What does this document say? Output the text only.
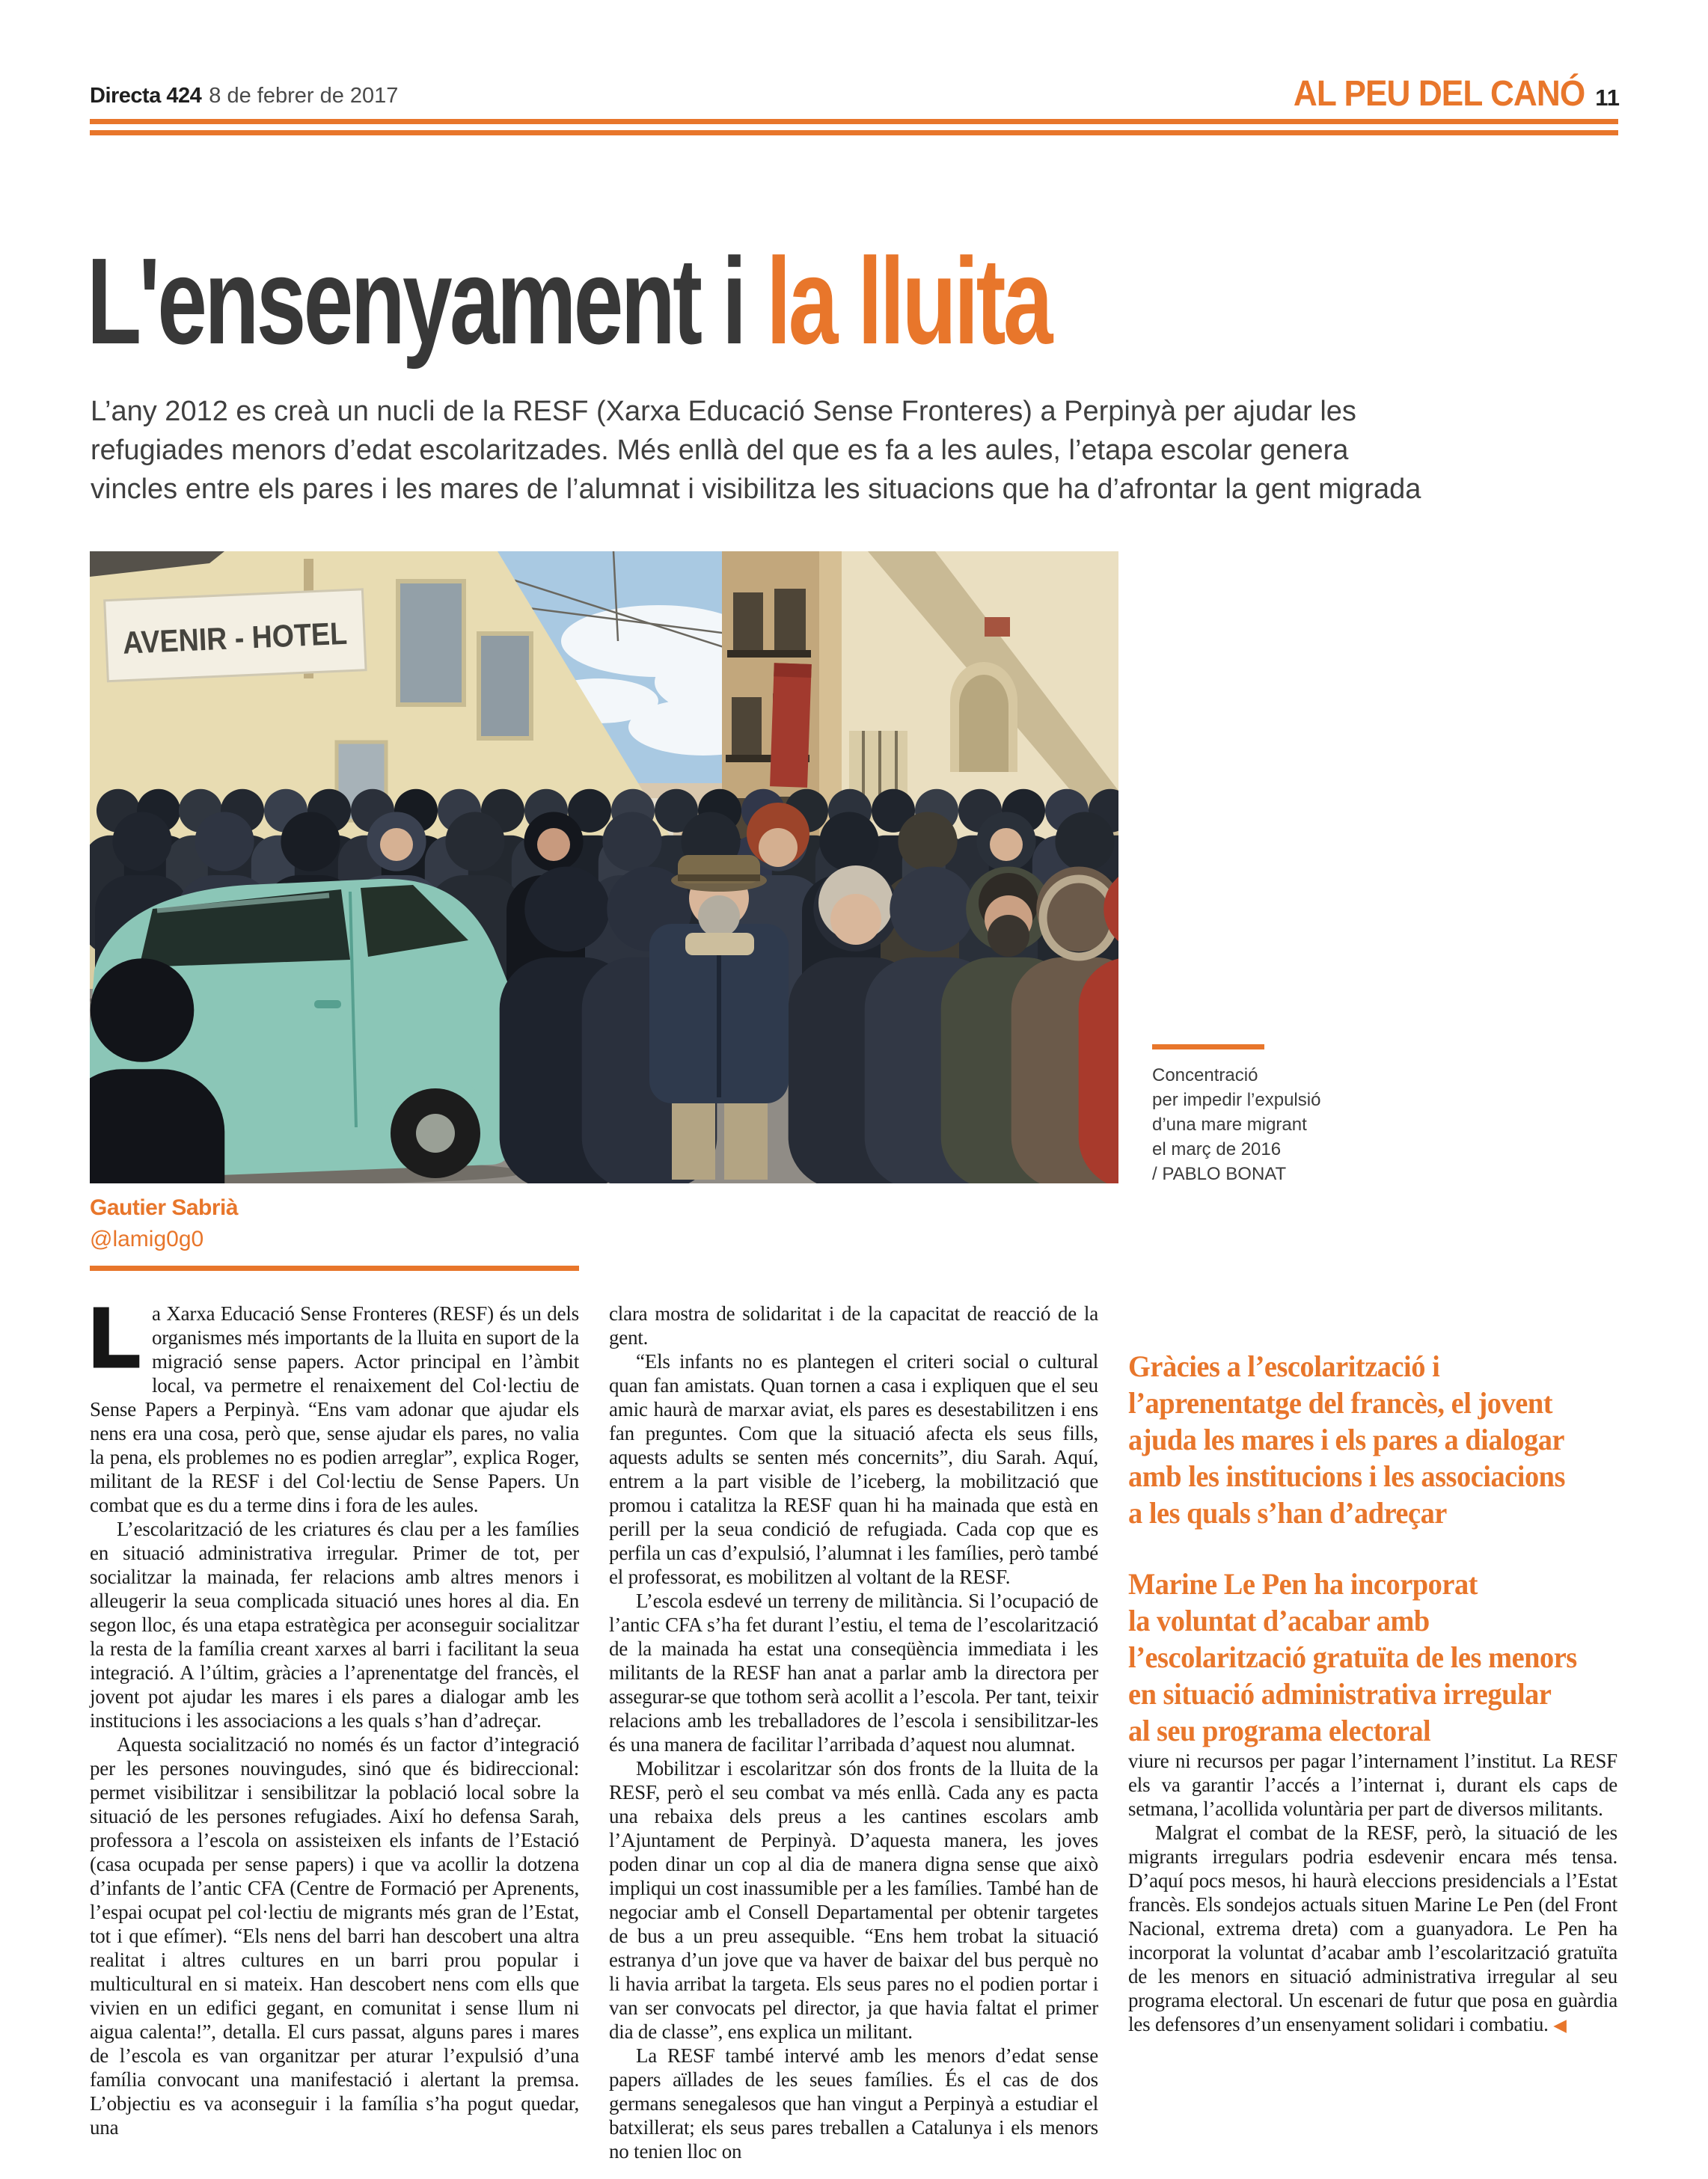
Directa 424 8 de febrer de 2017	AL PEU DEL CANÓ 11
L'ensenyament i la lluita
L’any 2012 es creà un nucli de la RESF (Xarxa Educació Sense Fronteres) a Perpinyà per ajudar les
refugiades menors d’edat escolaritzades. Més enllà del que es fa a les aules, l’etapa escolar genera
vincles entre els pares i les mares de l’alumnat i visibilitza les situacions que ha d’afrontar la gent migrada
AVENIR - HOTEL
Concentració
per impedir l’expulsió
d’una mare migrant
el març de 2016
/ PABLO BONAT
Gautier Sabrià
@lamig0g0

La Xarxa Educació Sense Fronteres (RESF) és un dels organismes més importants de la lluita en suport de la migració sense papers. Actor principal en l’àmbit local, va permetre el renaixement del Col·lectiu de Sense Papers a Perpinyà. “Ens vam adonar que ajudar els nens era una cosa, però que, sense ajudar els pares, no valia la pena, els problemes no es podien arreglar”, explica Roger, militant de la RESF i del Col·lectiu de Sense Papers. Un combat que es du a terme dins i fora de les aules.

L’escolarització de les criatures és clau per a les famílies en situació administrativa irregular. Primer de tot, per socialitzar la mainada, fer relacions amb altres menors i alleugerir la seua complicada situació unes hores al dia. En segon lloc, és una etapa estratègica per aconseguir socialitzar la resta de la família creant xarxes al barri i facilitant la seua integració. A l’últim, gràcies a l’aprenentatge del francès, el jovent pot ajudar les mares i els pares a dialogar amb les institucions i les associacions a les quals s’han d’adreçar.

Aquesta socialització no només és un factor d’integració per les persones nouvingudes, sinó que és bidireccional: permet visibilitzar i sensibilitzar la població local sobre la situació de les persones refugiades. Així ho defensa Sarah, professora a l’escola on assisteixen els infants de l’Estació (casa ocupada per sense papers) i que va acollir la dotzena d’infants de l’antic CFA (Centre de Formació per Aprenents, l’espai ocupat pel col·lectiu de migrants més gran de l’Estat, tot i que efímer). “Els nens del barri han descobert una altra realitat i altres cultures en un barri prou popular i multicultural en si mateix. Han descobert nens com ells que vivien en un edifici gegant, en comunitat i sense llum ni aigua calenta!”, detalla. El curs passat, alguns pares i mares de l’escola es van organitzar per aturar l’expulsió d’una família convocant una manifestació i alertant la premsa. L’objectiu es va aconseguir i la família s’ha pogut quedar, una

clara mostra de solidaritat i de la capacitat de reacció de la gent.

“Els infants no es plantegen el criteri social o cultural quan fan amistats. Quan tornen a casa i expliquen que el seu amic haurà de marxar aviat, els pares es desestabilitzen i ens fan preguntes. Com que la situació afecta els seus fills, aquests adults se senten més concernits”, diu Sarah. Aquí, entrem a la part visible de l’iceberg, la mobilització que promou i catalitza la RESF quan hi ha mainada que està en perill per la seua condició de refugiada. Cada cop que es perfila un cas d’expulsió, l’alumnat i les famílies, però també el professorat, es mobilitzen al voltant de la RESF.

L’escola esdevé un terreny de militància. Si l’ocupació de l’antic CFA s’ha fet durant l’estiu, el tema de l’escolarització de la mainada ha estat una conseqüència immediata i les militants de la RESF han anat a parlar amb la directora per assegurar-se que tothom serà acollit a l’escola. Per tant, teixir relacions amb les treballadores de l’escola i sensibilitzar-les és una manera de facilitar l’arribada d’aquest nou alumnat.

Mobilitzar i escolaritzar són dos fronts de la lluita de la RESF, però el seu combat va més enllà. Cada any es pacta una rebaixa dels preus a les cantines escolars amb l’Ajuntament de Perpinyà. D’aquesta manera, les joves poden dinar un cop al dia de manera digna sense que això impliqui un cost inassumible per a les famílies. També han de negociar amb el Consell Departamental per obtenir targetes de bus a un preu assequible. “Ens hem trobat la situació estranya d’un jove que va haver de baixar del bus perquè no li havia arribat la targeta. Els seus pares no el podien portar i van ser convocats pel director, ja que havia faltat el primer dia de classe”, ens explica un militant.

La RESF també intervé amb les menors d’edat sense papers aïllades de les seues famílies. És el cas de dos germans senegalesos que han vingut a Perpinyà a estudiar el batxillerat; els seus pares treballen a Catalunya i els menors no tenien lloc on

Gràcies a l’escolarització i
l’aprenentatge del francès, el jovent
ajuda les mares i els pares a dialogar
amb les institucions i les associacions
a les quals s’han d’adreçar
Marine Le Pen ha incorporat
la voluntat d’acabar amb
l’escolarització gratuïta de les menors
en situació administrativa irregular
al seu programa electoral

viure ni recursos per pagar l’internament l’institut. La RESF els va garantir l’accés a l’internat i, durant els caps de setmana, l’acollida voluntària per part de diversos militants.

Malgrat el combat de la RESF, però, la situació de les migrants irregulars podria esdevenir encara més tensa. D’aquí pocs mesos, hi haurà eleccions presidencials a l’Estat francès. Els sondejos actuals situen Marine Le Pen (del Front Nacional, extrema dreta) com a guanyadora. Le Pen ha incorporat la voluntat d’acabar amb l’escolarització gratuïta de les menors en situació administrativa irregular al seu programa electoral. Un escenari de futur que posa en guàrdia les defensores d’un ensenyament solidari i combatiu. ◀
